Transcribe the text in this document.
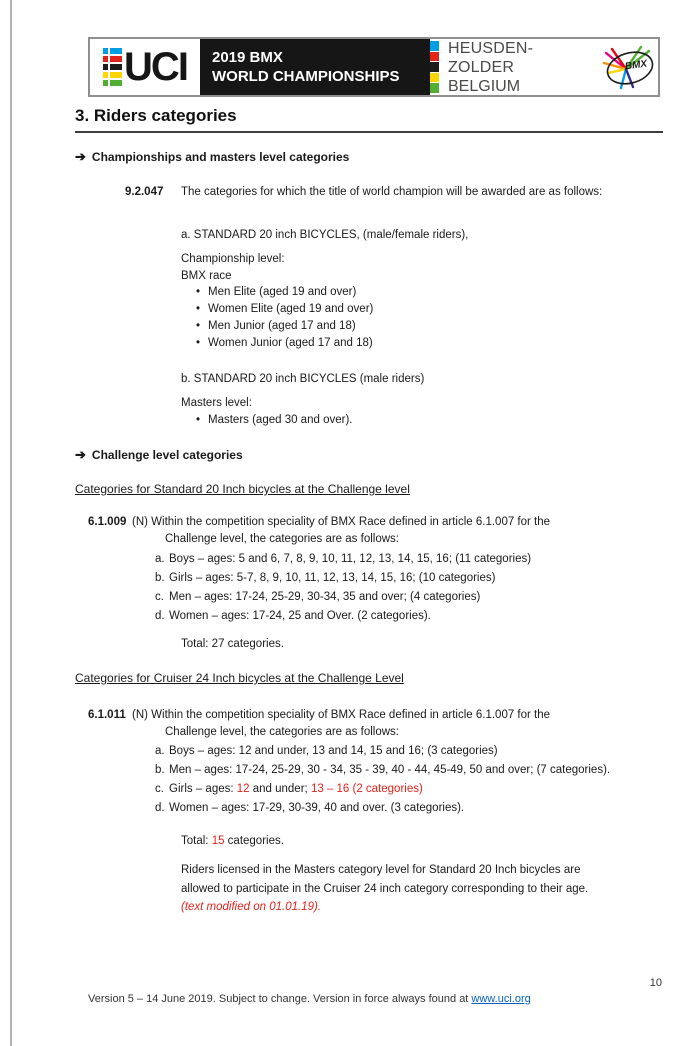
UCI 2019 BMX
WORLD CHAMPIONSHIPS
HEUSDEN-ZOLDER
BELGIUM
BMX
3. Riders categories
➔ Championships and masters level categories
9.2.047 The categories for which the title of world champion will be awarded are as follows:
a. STANDARD 20 inch BICYCLES, (male/female riders),
Championship level:
BMX race
• Men Elite (aged 19 and over)
• Women Elite (aged 19 and over)
• Men Junior (aged 17 and 18)
• Women Junior (aged 17 and 18)
b. STANDARD 20 inch BICYCLES (male riders)
Masters level:
• Masters (aged 30 and over).
➔ Challenge level categories
Categories for Standard 20 Inch bicycles at the Challenge level
6.1.009 (N) Within the competition speciality of BMX Race defined in article 6.1.007 for the
Challenge level, the categories are as follows:
a. Boys – ages: 5 and 6, 7, 8, 9, 10, 11, 12, 13, 14, 15, 16; (11 categories)
b. Girls – ages: 5-7, 8, 9, 10, 11, 12, 13, 14, 15, 16; (10 categories)
c. Men – ages: 17-24, 25-29, 30-34, 35 and over; (4 categories)
d. Women – ages: 17-24, 25 and Over. (2 categories).
Total: 27 categories.
Categories for Cruiser 24 Inch bicycles at the Challenge Level
6.1.011 (N) Within the competition speciality of BMX Race defined in article 6.1.007 for the
Challenge level, the categories are as follows:
a. Boys – ages: 12 and under, 13 and 14, 15 and 16; (3 categories)
b. Men – ages: 17-24, 25-29, 30 - 34, 35 - 39, 40 - 44, 45-49, 50 and over; (7 categories).
c. Girls – ages: 12 and under; 13 – 16 (2 categories)
d. Women – ages: 17-29, 30-39, 40 and over. (3 categories).
Total: 15 categories.
Riders licensed in the Masters category level for Standard 20 Inch bicycles are
allowed to participate in the Cruiser 24 inch category corresponding to their age.
(text modified on 01.01.19).
10
Version 5 – 14 June 2019. Subject to change. Version in force always found at www.uci.org
